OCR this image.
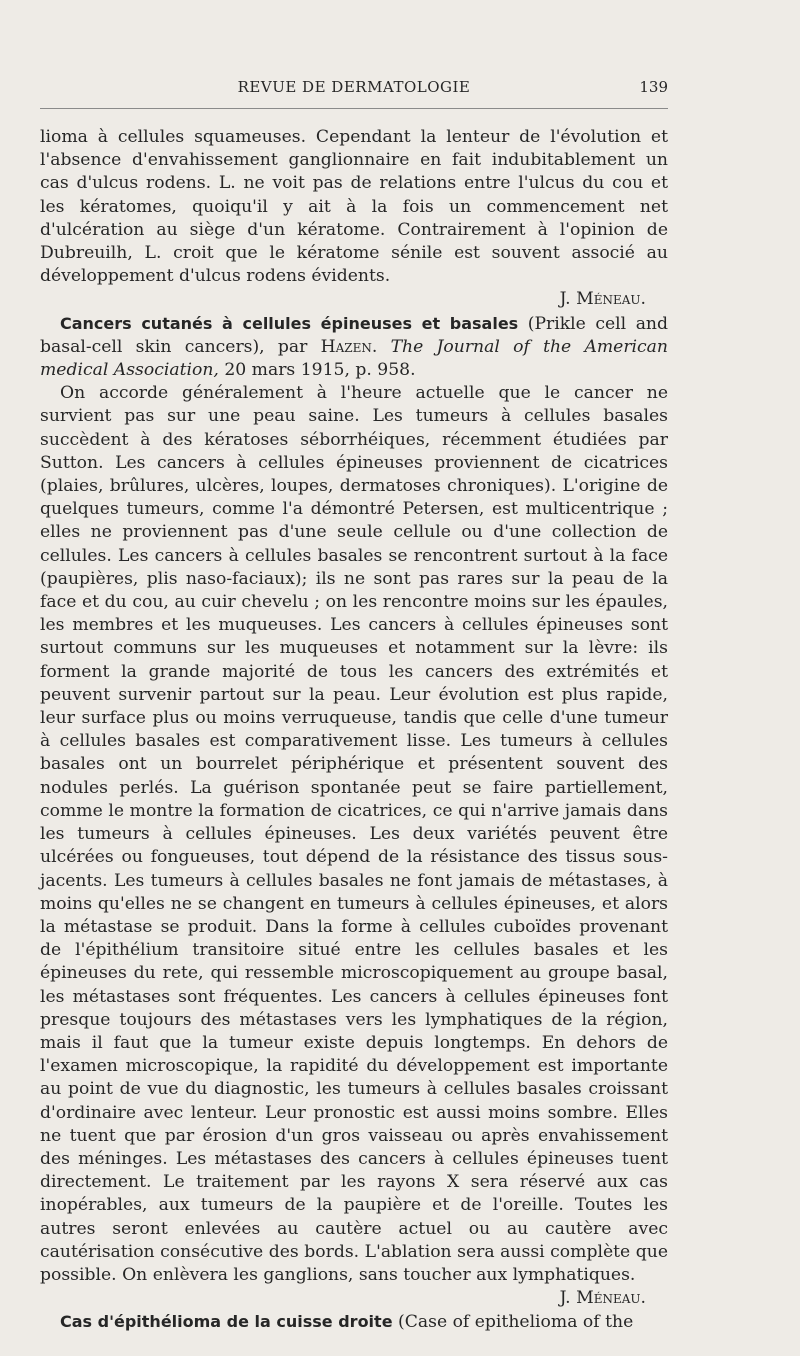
REVUE DE DERMATOLOGIE	139

lioma à cellules squameuses. Cependant la lenteur de l'évolution et l'absence d'envahissement ganglionnaire en fait indubitablement un cas d'ulcus rodens. L. ne voit pas de relations entre l'ulcus du cou et les kératomes, quoiqu'il y ait à la fois un commencement net d'ulcération au siège d'un kératome. Contrairement à l'opinion de Dubreuilh, L. croit que le kératome sénile est souvent associé au développement d'ulcus rodens évidents.

J.
Méneau.

Cancers cutanés à cellules épineuses et basales (Prikle cell and basal-cell skin cancers), par Hazen. The Journal of the American medical Association, 20 mars 1915, p. 958.

On accorde généralement à l'heure actuelle que le cancer ne survient pas sur une peau saine. Les tumeurs à cellules basales succèdent à des kératoses séborrhéiques, récemment étudiées par Sutton. Les cancers à cellules épineuses proviennent de cicatrices (plaies, brûlures, ulcères, loupes, dermatoses chroniques). L'origine de quelques tumeurs, comme l'a démontré Petersen, est multicentrique ; elles ne proviennent pas d'une seule cellule ou d'une collection de cellules. Les cancers à cellules basales se rencontrent surtout à la face (paupières, plis naso-faciaux); ils ne sont pas rares sur la peau de la face et du cou, au cuir chevelu ; on les rencontre moins sur les épaules, les membres et les muqueuses. Les cancers à cellules épineuses sont surtout communs sur les muqueuses et notamment sur la lèvre: ils forment la grande majorité de tous les cancers des extrémités et peuvent survenir partout sur la peau. Leur évolution est plus rapide, leur surface plus ou moins verruqueuse, tandis que celle d'une tumeur à cellules basales est comparativement lisse. Les tumeurs à cellules basales ont un bourrelet périphérique et présentent souvent des nodules perlés. La guérison spontanée peut se faire partiellement, comme le montre la formation de cicatrices, ce qui n'arrive jamais dans les tumeurs à cellules épineuses. Les deux variétés peuvent être ulcérées ou fongueuses, tout dépend de la résistance des tissus sous-jacents. Les tumeurs à cellules basales ne font jamais de métastases, à moins qu'elles ne se changent en tumeurs à cellules épineuses, et alors la métastase se produit. Dans la forme à cellules cuboïdes provenant de l'épithélium transitoire situé entre les cellules basales et les épineuses du rete, qui ressemble microscopiquement au groupe basal, les métastases sont fréquentes. Les cancers à cellules épineuses font presque toujours des métastases vers les lymphatiques de la région, mais il faut que la tumeur existe depuis longtemps. En dehors de l'examen microscopique, la rapidité du développement est importante au point de vue du diagnostic, les tumeurs à cellules basales croissant d'ordinaire avec lenteur. Leur pronostic est aussi moins sombre. Elles ne tuent que par érosion d'un gros vaisseau ou après envahissement des méninges. Les métastases des cancers à cellules épineuses tuent directement. Le traitement par les rayons X sera réservé aux cas inopérables, aux tumeurs de la paupière et de l'oreille. Toutes les autres seront enlevées au cautère actuel ou au cautère avec cautérisation consécutive des bords. L'ablation sera aussi complète que possible. On enlèvera les ganglions, sans toucher aux lymphatiques.

J.
Méneau.

Cas d'épithélioma de la cuisse droite (Case of epithelioma of the
